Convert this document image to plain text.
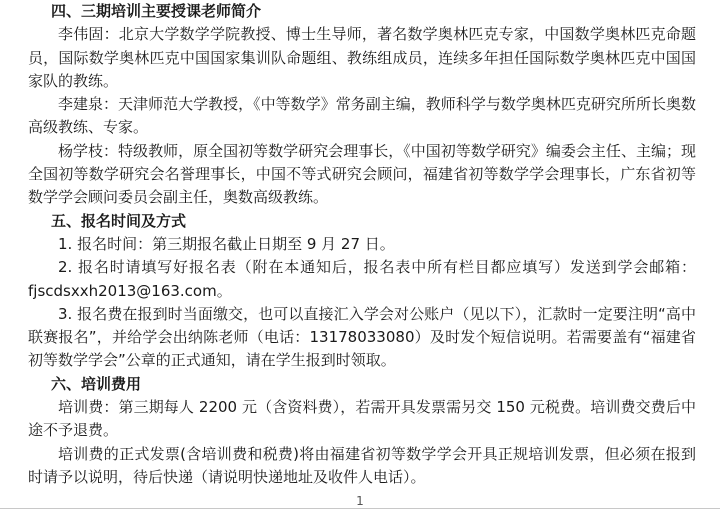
四、三期培训主要授课老师简介

李伟固：北京大学数学学院教授、博士生导师，著名数学奥林匹克专家，中国数学奥林匹克命题员，国际数学奥林匹克中国国家集训队命题组、教练组成员，连续多年担任国际数学奥林匹克中国国家队的教练。

李建泉：天津师范大学教授，《中等数学》常务副主编，教师科学与数学奥林匹克研究所所长奥数高级教练、专家。

杨学枝：特级教师，原全国初等数学研究会理事长，《中国初等数学研究》编委会主任、主编；现全国初等数学研究会名誉理事长，中国不等式研究会顾问，福建省初等数学学会理事长，广东省初等数学学会顾问委员会副主任，奥数高级教练。

五、报名时间及方式

1. 报名时间：第三期报名截止日期至 9 月 27 日。

2. 报名时请填写好报名表（附在本通知后，报名表中所有栏目都应填写）发送到学会邮箱：fjscdsxxh2013@163.com。

3. 报名费在报到时当面缴交，也可以直接汇入学会对公账户（见以下），汇款时一定要注明“高中联赛报名”，并给学会出纳陈老师（电话：13178033080）及时发个短信说明。若需要盖有“福建省初等数学学会”公章的正式通知，请在学生报到时领取。

六、培训费用

培训费：第三期每人 2200 元（含资料费），若需开具发票需另交 150 元税费。培训费交费后中途不予退费。

培训费的正式发票(含培训费和税费)将由福建省初等数学学会开具正规培训发票，但必须在报到时请予以说明，待后快递（请说明快递地址及收件人电话）。

1
